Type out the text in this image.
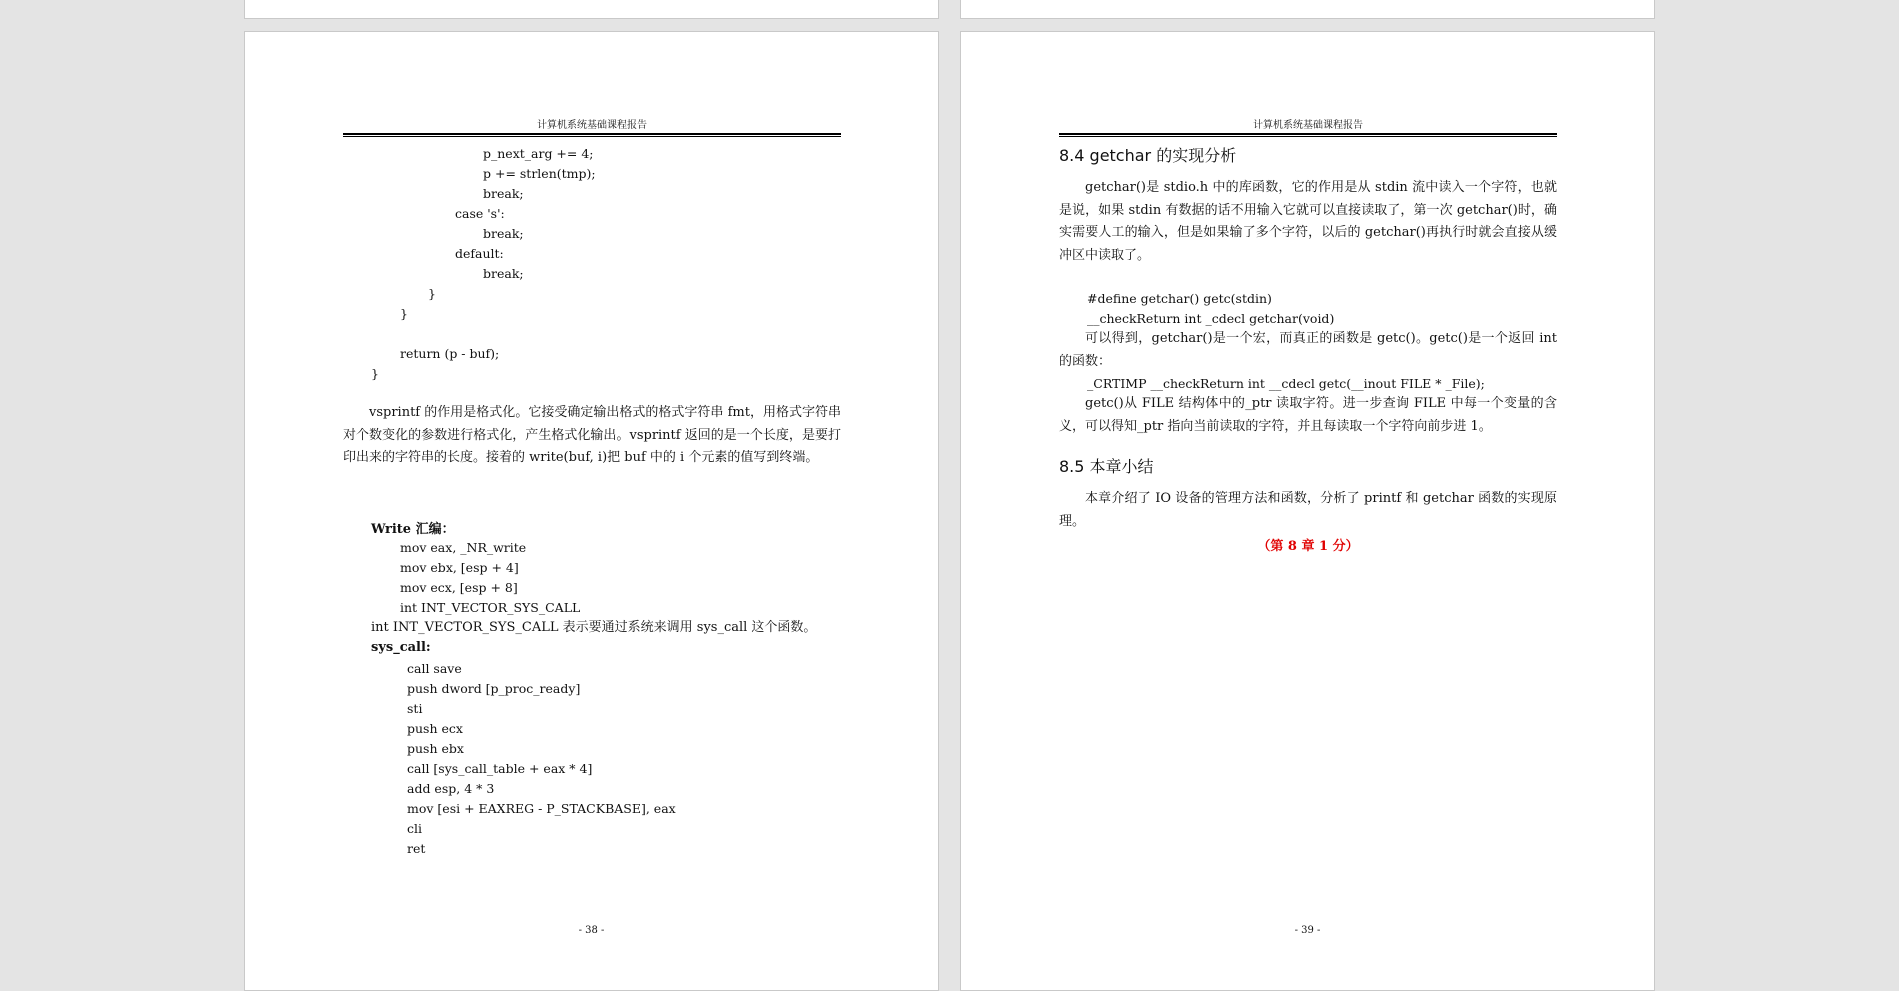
计算机系统基础课程报告
p_next_arg += 4;
p += strlen(tmp);
break;
case 's':
break;
default:
break;
}
}
return (p - buf);
}
vsprintf 的作用是格式化。它接受确定输出格式的格式字符串 fmt，用格式字符串对个数变化的参数进行格式化，产生格式化输出。vsprintf 返回的是一个长度，是要打印出来的字符串的长度。接着的 write(buf, i)把 buf 中的 i 个元素的值写到终端。
Write 汇编：
mov eax, _NR_write
mov ebx, [esp + 4]
mov ecx, [esp + 8]
int INT_VECTOR_SYS_CALL
int INT_VECTOR_SYS_CALL 表示要通过系统来调用 sys_call 这个函数。
sys_call:
call save
push dword [p_proc_ready]
sti
push ecx
push ebx
call [sys_call_table + eax * 4]
add esp, 4 * 3
mov [esi + EAXREG - P_STACKBASE], eax
cli
ret
- 38 -
计算机系统基础课程报告
8.4 getchar 的实现分析
getchar()是 stdio.h 中的库函数，它的作用是从 stdin 流中读入一个字符，也就是说，如果 stdin 有数据的话不用输入它就可以直接读取了，第一次 getchar()时，确实需要人工的输入，但是如果输了多个字符，以后的 getchar()再执行时就会直接从缓冲区中读取了。
#define getchar() getc(stdin)
__checkReturn int _cdecl getchar(void)
可以得到，getchar()是一个宏，而真正的函数是 getc()。getc()是一个返回 int 的函数：
_CRTIMP __checkReturn int __cdecl getc(__inout FILE * _File);
getc()从 FILE 结构体中的_ptr 读取字符。进一步查询 FILE 中每一个变量的含义，可以得知_ptr 指向当前读取的字符，并且每读取一个字符向前步进 1。
8.5 本章小结
本章介绍了 IO 设备的管理方法和函数，分析了 printf 和 getchar 函数的实现原理。
（第 8 章 1 分）
- 39 -
